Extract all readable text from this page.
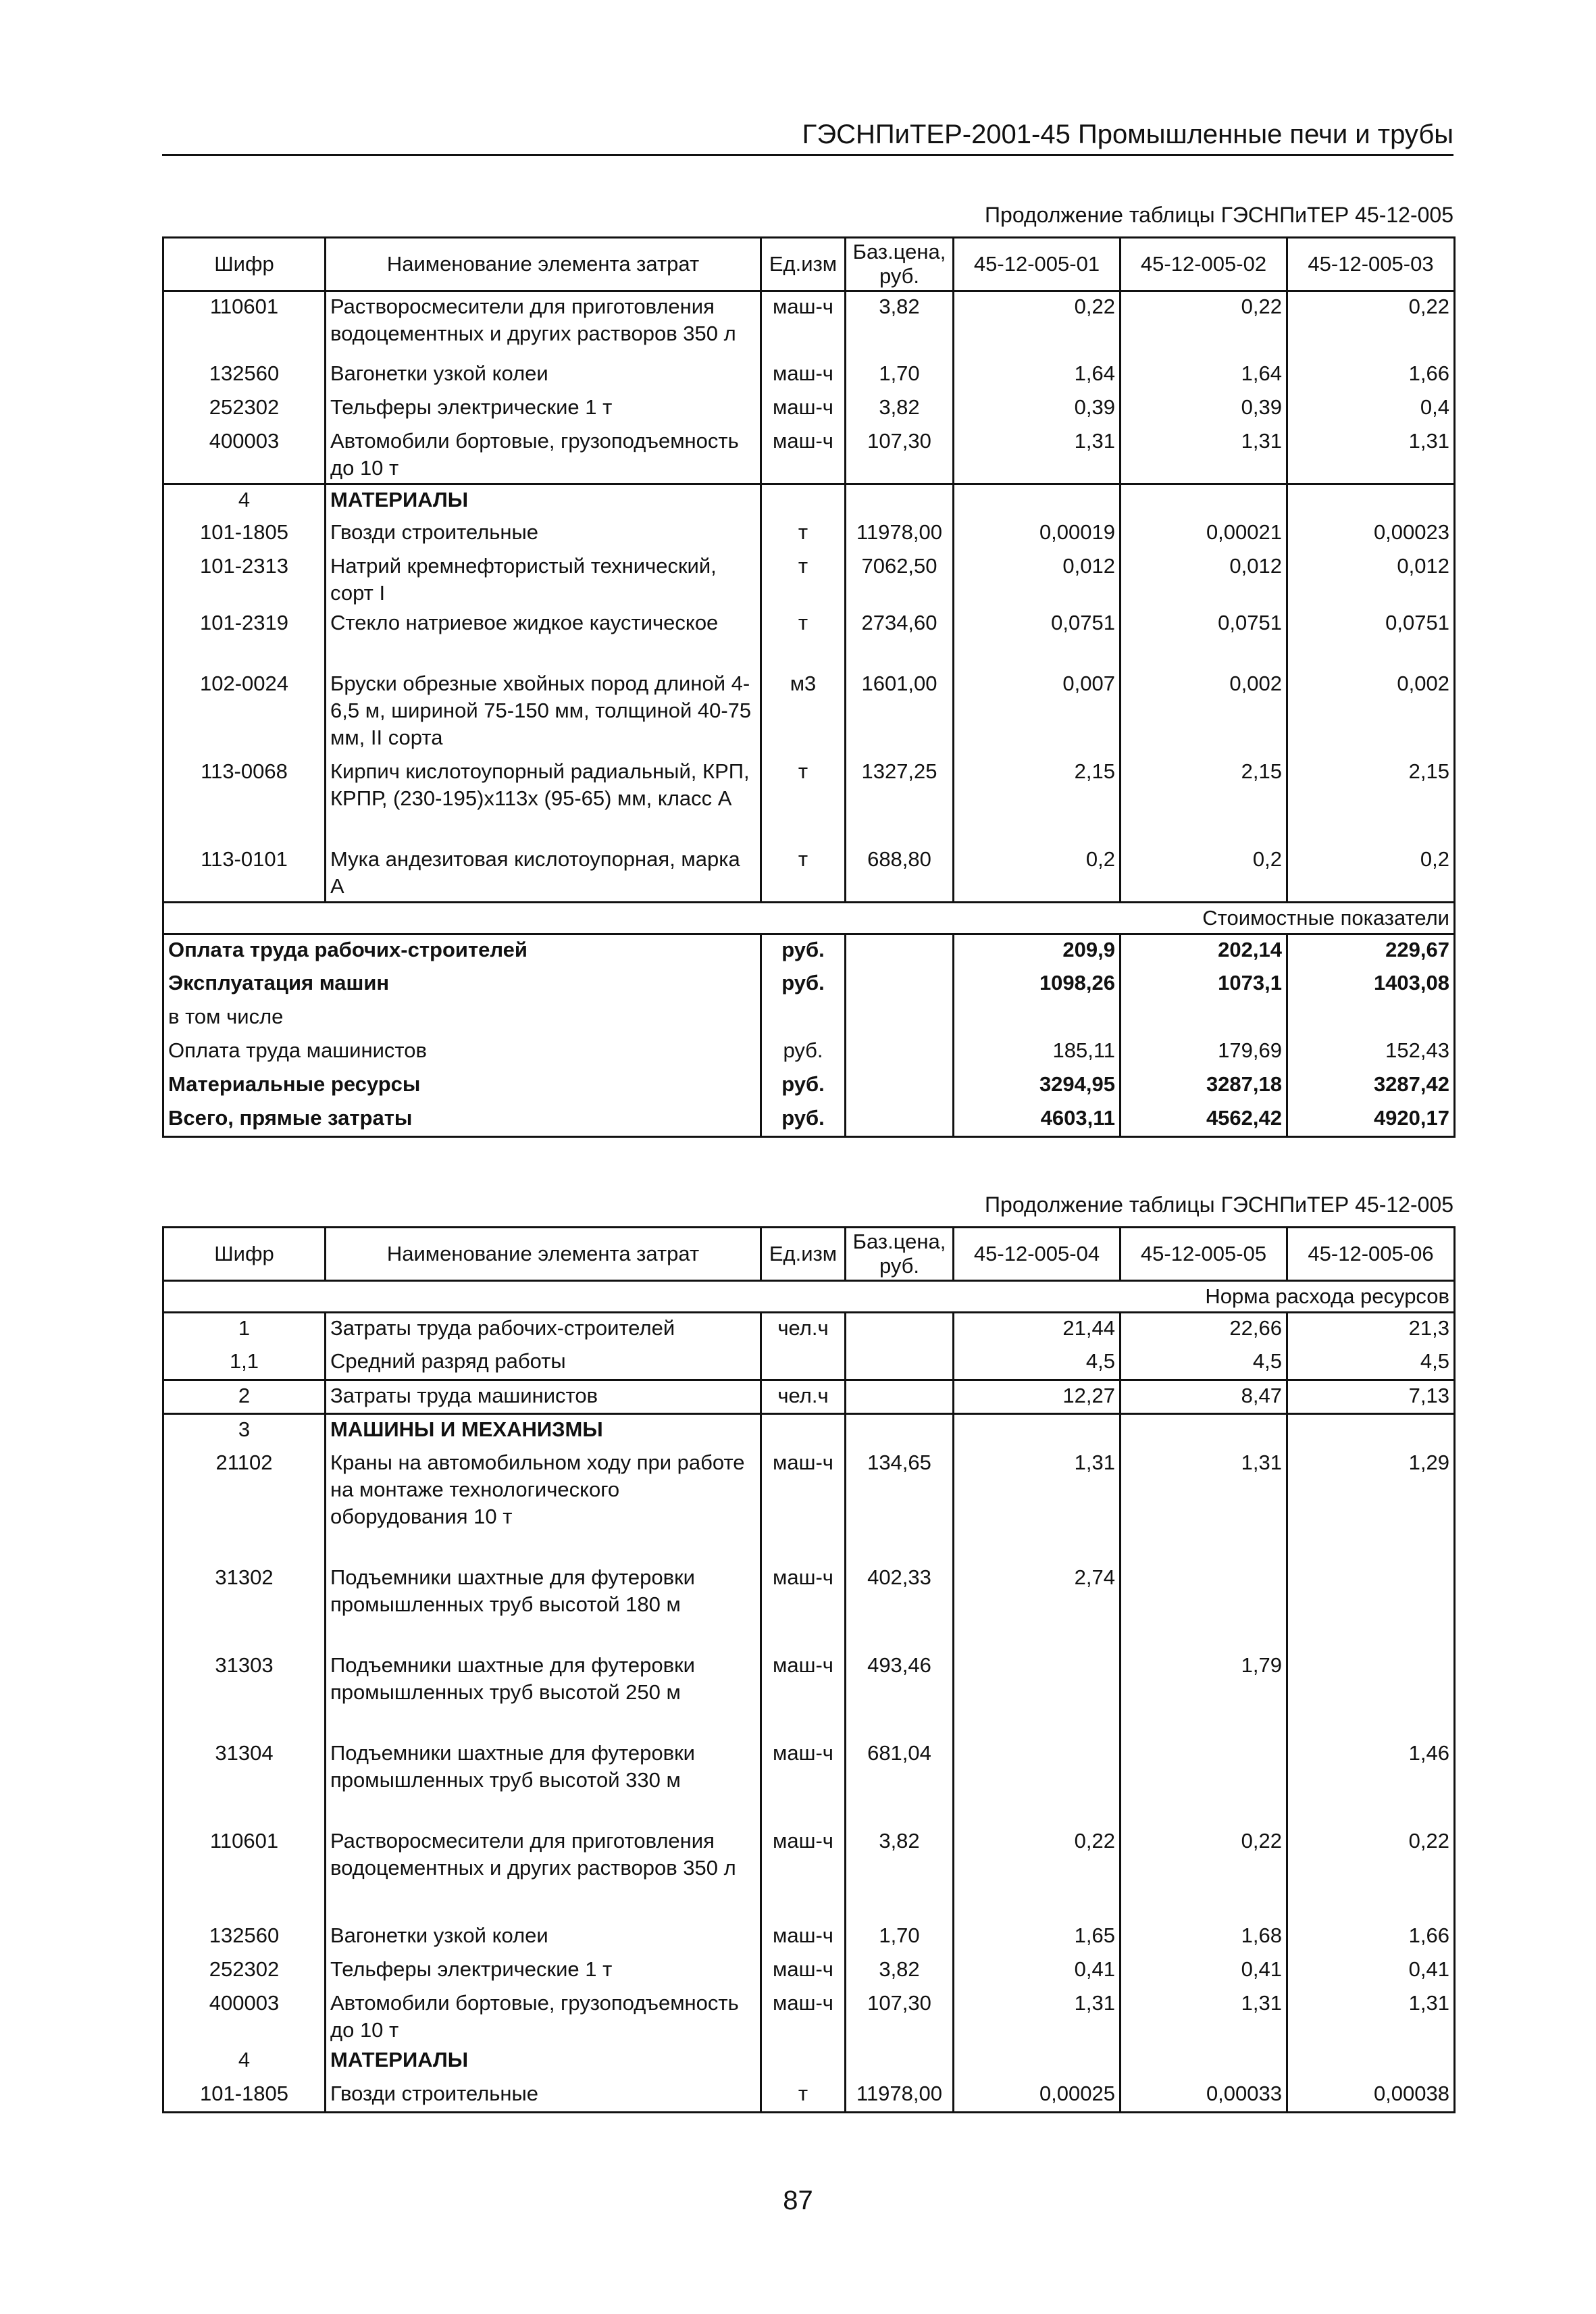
ГЭСНПиТЕР-2001-45 Промышленные печи и трубы
Продолжение таблицы ГЭСНПиТЕР 45-12-005
Шифр	Наименование элемента затрат	Ед.изм	Баз.цена, руб.	45-12-005-01	45-12-005-02	45-12-005-03
110601	Растворосмесители для приготовления водоцементных и других растворов 350 л	маш-ч	3,82	0,22	0,22	0,22
132560	Вагонетки узкой колеи	маш-ч	1,70	1,64	1,64	1,66
252302	Тельферы электрические 1 т	маш-ч	3,82	0,39	0,39	0,4
400003	Автомобили бортовые, грузоподъемность до 10 т	маш-ч	107,30	1,31	1,31	1,31
4	МАТЕРИАЛЫ					
101-1805	Гвозди строительные	т	11978,00	0,00019	0,00021	0,00023
101-2313	Натрий кремнефтористый технический, сорт I	т	7062,50	0,012	0,012	0,012
101-2319	Стекло натриевое жидкое каустическое	т	2734,60	0,0751	0,0751	0,0751
102-0024	Бруски обрезные хвойных пород длиной 4-6,5 м, шириной 75-150 мм, толщиной 40-75 мм, II сорта	м3	1601,00	0,007	0,002	0,002
113-0068	Кирпич кислотоупорный радиальный, КРП, КРПР, (230-195)х113х (95-65) мм, класс А	т	1327,25	2,15	2,15	2,15
113-0101	Мука андезитовая кислотоупорная, марка А	т	688,80	0,2	0,2	0,2
				Стоимостные показатели		
Оплата труда рабочих-строителей		руб.		209,9	202,14	229,67
Эксплуатация машин		руб.		1098,26	1073,1	1403,08
в том числе						
Оплата труда машинистов		руб.		185,11	179,69	152,43
Материальные ресурсы		руб.		3294,95	3287,18	3287,42
Всего, прямые затраты		руб.		4603,11	4562,42	4920,17
Продолжение таблицы ГЭСНПиТЕР 45-12-005
Шифр	Наименование элемента затрат	Ед.изм	Баз.цена, руб.	45-12-005-04	45-12-005-05	45-12-005-06
				Норма расхода ресурсов		
1	Затраты труда рабочих-строителей	чел.ч		21,44	22,66	21,3
1,1	Средний разряд работы			4,5	4,5	4,5
2	Затраты труда машинистов	чел.ч		12,27	8,47	7,13
3	МАШИНЫ И МЕХАНИЗМЫ					
21102	Краны на автомобильном ходу при работе на монтаже технологического оборудования 10 т	маш-ч	134,65	1,31	1,31	1,29
31302	Подъемники шахтные для футеровки промышленных труб высотой 180 м	маш-ч	402,33	2,74		
31303	Подъемники шахтные для футеровки промышленных труб высотой 250 м	маш-ч	493,46		1,79	
31304	Подъемники шахтные для футеровки промышленных труб высотой 330 м	маш-ч	681,04			1,46
110601	Растворосмесители для приготовления водоцементных и других растворов 350 л	маш-ч	3,82	0,22	0,22	0,22
132560	Вагонетки узкой колеи	маш-ч	1,70	1,65	1,68	1,66
252302	Тельферы электрические 1 т	маш-ч	3,82	0,41	0,41	0,41
400003	Автомобили бортовые, грузоподъемность до 10 т	маш-ч	107,30	1,31	1,31	1,31
4	МАТЕРИАЛЫ					
101-1805	Гвозди строительные	т	11978,00	0,00025	0,00033	0,00038
87
